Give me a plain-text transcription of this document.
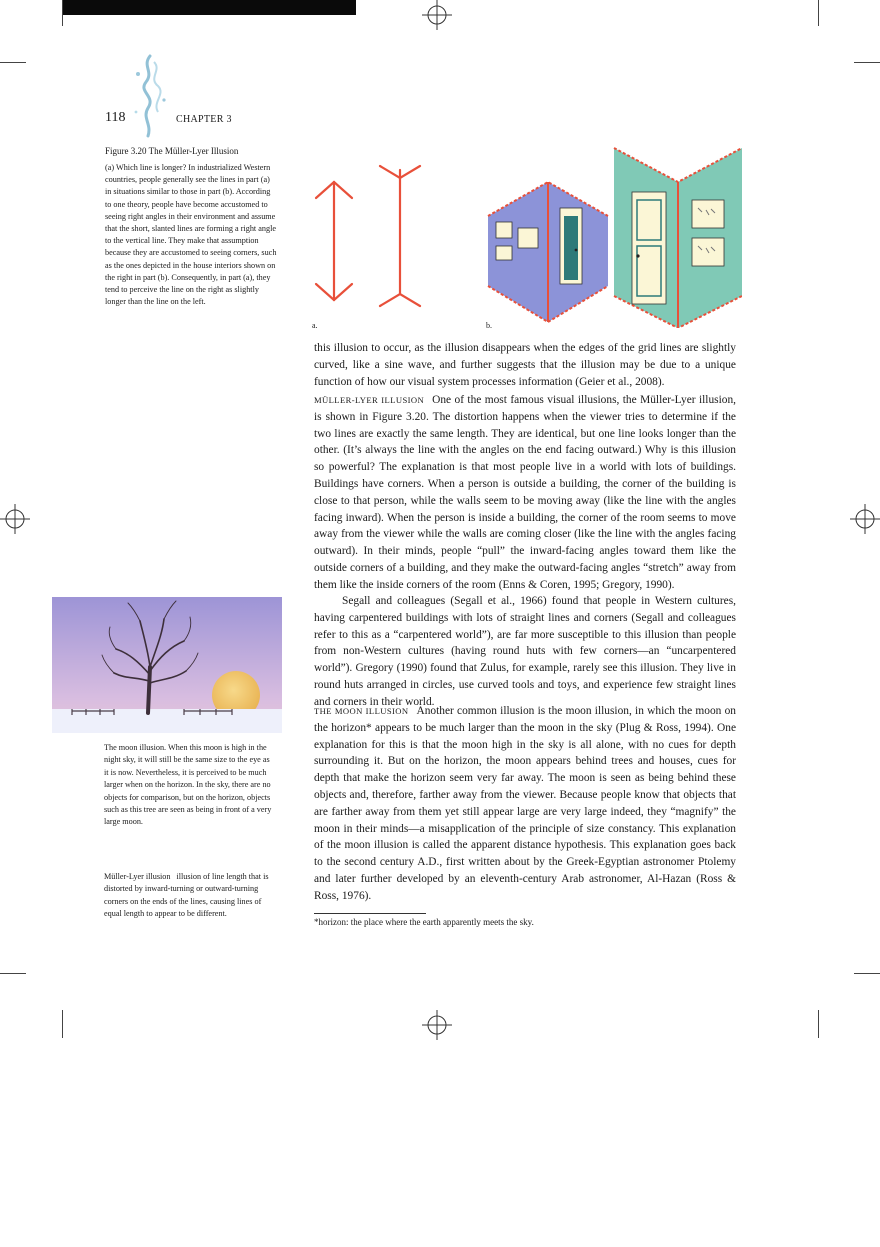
118	CHAPTER 3
Figure 3.20 The Müller-Lyer Illusion

(a) Which line is longer? In industrialized Western countries, people generally see the lines in part (a) in situations similar to those in part (b). According to one theory, people have become accustomed to seeing right angles in their environment and assume that the short, slanted lines are forming a right angle to the vertical line. They make that assumption because they are accustomed to seeing corners, such as the ones depicted in the house interiors shown on the right in part (b). Consequently, in part (a), they tend to perceive the line on the right as slightly longer than the line on the left.

a.	b.

this illusion to occur, as the illusion disappears when the edges of the grid lines are slightly curved, like a sine wave, and further suggests that the illusion may be due to a unique function of how our visual system processes information (Geier et al., 2008).

MÜLLER-LYER ILLUSION One of the most famous visual illusions, the Müller-Lyer illusion, is shown in Figure 3.20. The distortion happens when the viewer tries to determine if the two lines are exactly the same length. They are identical, but one line looks longer than the other. (It’s always the line with the angles on the end facing outward.) Why is this illusion so powerful? The explanation is that most people live in a world with lots of buildings. Buildings have corners. When a person is outside a building, the corner of the building is close to that person, while the walls seem to be moving away (like the line with the angles facing inward). When the person is inside a building, the corner of the room seems to move away from the viewer while the walls are coming closer (like the line with the angles facing outward). In their minds, people “pull” the inward-facing angles toward them like the outside corners of a building, and they make the outward-facing angles “stretch” away from them like the inside corners of the room (Enns & Coren, 1995; Gregory, 1990).

Segall and colleagues (Segall et al., 1966) found that people in Western cultures, having carpentered buildings with lots of straight lines and corners (Segall and colleagues refer to this as a “carpentered world”), are far more susceptible to this illusion than people from non-Western cultures (having round huts with few corners—an “uncarpentered world”). Gregory (1990) found that Zulus, for example, rarely see this illusion. They live in round huts arranged in circles, use curved tools and toys, and experience few straight lines and corners in their world.

THE MOON ILLUSION Another common illusion is the moon illusion, in which the moon on the horizon* appears to be much larger than the moon in the sky (Plug & Ross, 1994). One explanation for this is that the moon high in the sky is all alone, with no cues for depth surrounding it. But on the horizon, the moon appears behind trees and houses, cues for depth that make the horizon seem very far away. The moon is seen as being behind these objects and, therefore, farther away from the viewer. Because people know that objects that are farther away from them yet still appear large are very large indeed, they “magnify” the moon in their minds—a misapplication of the principle of size constancy. This explanation of the moon illusion is called the apparent distance hypothesis. This explanation goes back to the second century A.D., first written about by the Greek-Egyptian astronomer Ptolemy and later further developed by an eleventh-century Arab astronomer, Al-Hazan (Ross & Ross, 1976).

*horizon: the place where the earth apparently meets the sky.

The moon illusion. When this moon is high in the night sky, it will still be the same size to the eye as it is now. Nevertheless, it is perceived to be much larger when on the horizon. In the sky, there are no objects for comparison, but on the horizon, objects such as this tree are seen as being in front of a very large moon.

Müller-Lyer illusion illusion of line length that is distorted by inward-turning or outward-turning corners on the ends of the lines, causing lines of equal length to appear to be different.
